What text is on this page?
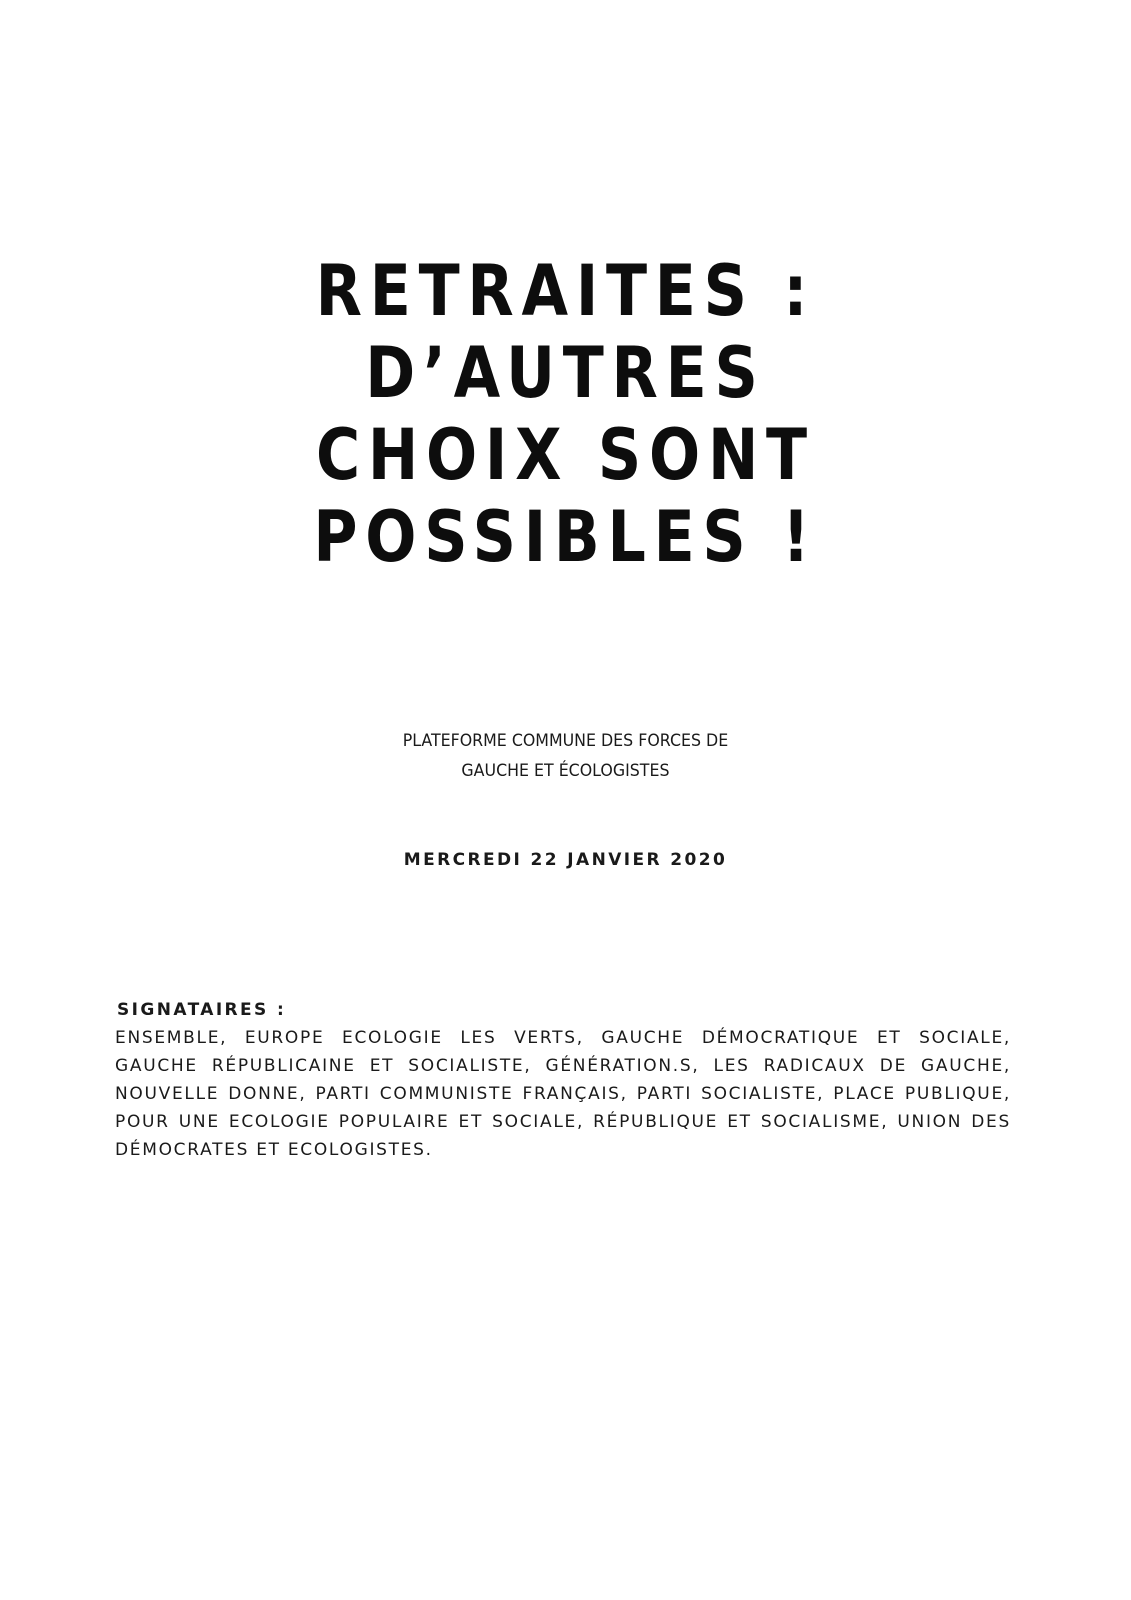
RETRAITES :
D’AUTRES
CHOIX SONT
POSSIBLES !
PLATEFORME COMMUNE DES FORCES DE
GAUCHE ET ÉCOLOGISTES
MERCREDI 22 JANVIER 2020
SIGNATAIRES :

ENSEMBLE, EUROPE ECOLOGIE LES VERTS, GAUCHE DÉMOCRATIQUE ET SOCIALE, GAUCHE RÉPUBLICAINE ET SOCIALISTE, GÉNÉRATION.S, LES RADICAUX DE GAUCHE, NOUVELLE DONNE, PARTI COMMUNISTE FRANÇAIS, PARTI SOCIALISTE, PLACE PUBLIQUE, POUR UNE ECOLOGIE POPULAIRE ET SOCIALE, RÉPUBLIQUE ET SOCIALISME, UNION DES DÉMOCRATES ET ECOLOGISTES.
